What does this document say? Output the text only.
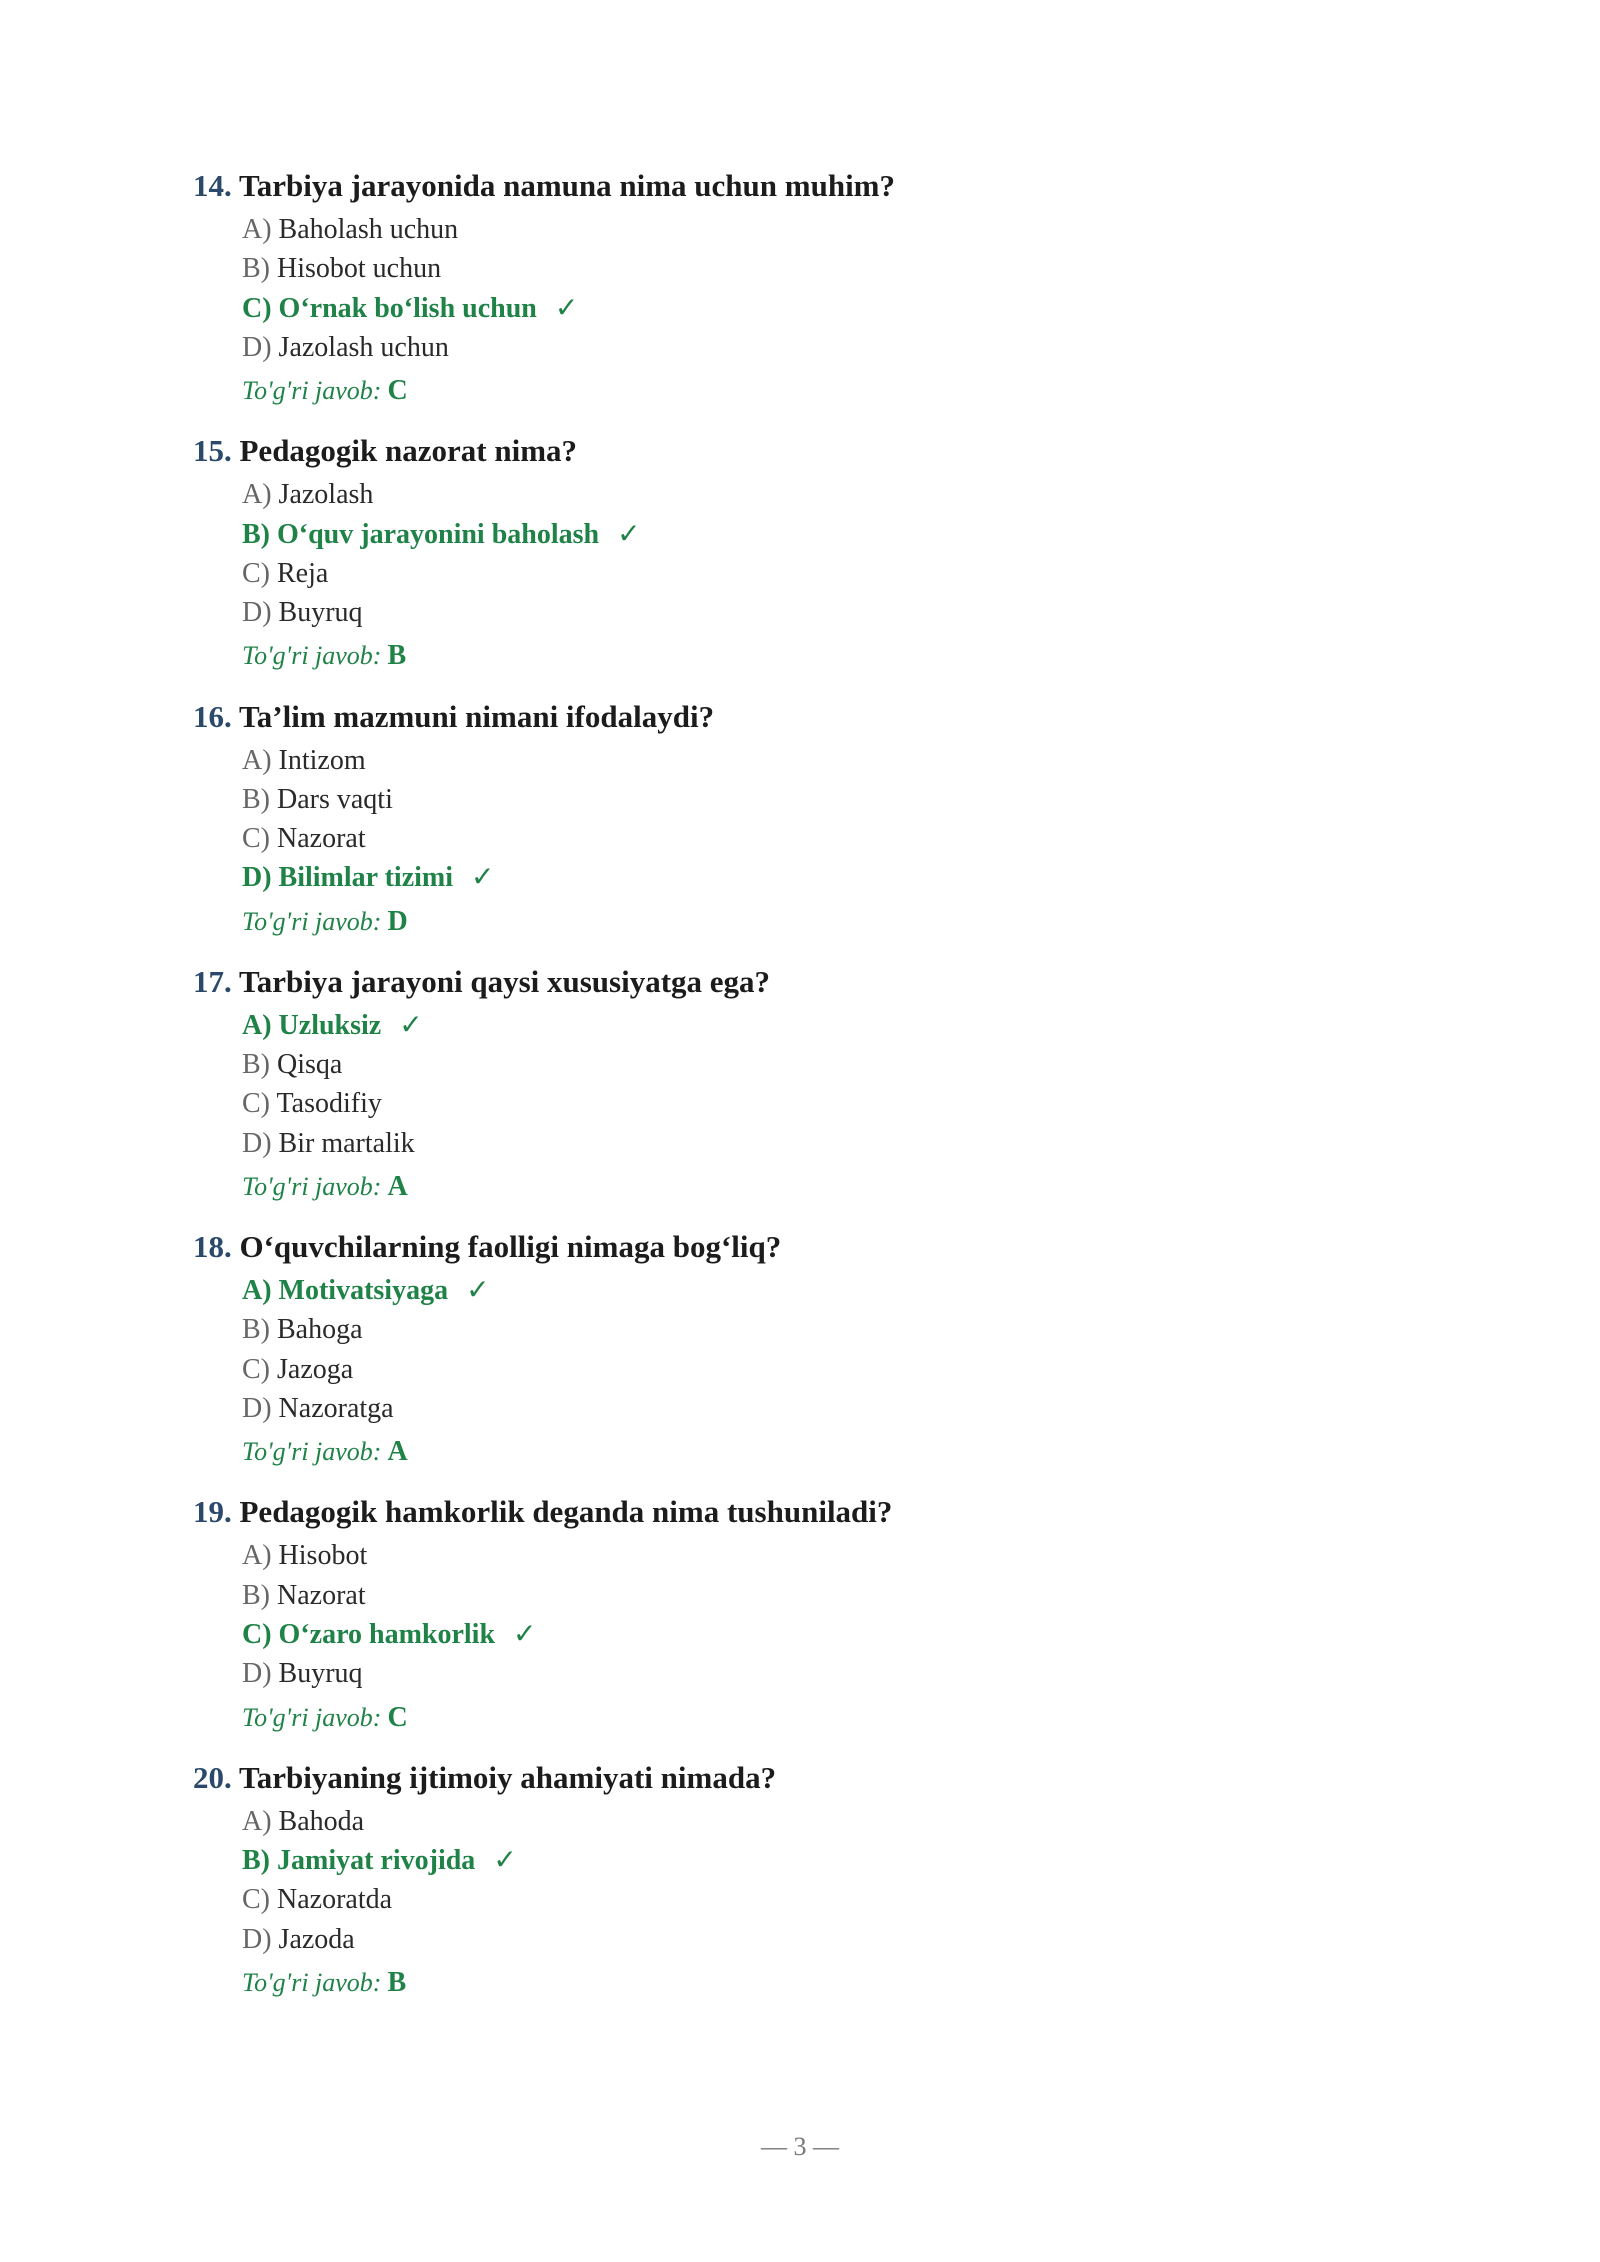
14. Tarbiya jarayonida namuna nima uchun muhim?
A) Baholash uchun
B) Hisobot uchun
C) O‘rnak bo‘lish uchun ✓
D) Jazolash uchun
To'g'ri javob: C
15. Pedagogik nazorat nima?
A) Jazolash
B) O‘quv jarayonini baholash ✓
C) Reja
D) Buyruq
To'g'ri javob: B
16. Ta’lim mazmuni nimani ifodalaydi?
A) Intizom
B) Dars vaqti
C) Nazorat
D) Bilimlar tizimi ✓
To'g'ri javob: D
17. Tarbiya jarayoni qaysi xususiyatga ega?
A) Uzluksiz ✓
B) Qisqa
C) Tasodifiy
D) Bir martalik
To'g'ri javob: A
18. O‘quvchilarning faolligi nimaga bog‘liq?
A) Motivatsiyaga ✓
B) Bahoga
C) Jazoga
D) Nazoratga
To'g'ri javob: A
19. Pedagogik hamkorlik deganda nima tushuniladi?
A) Hisobot
B) Nazorat
C) O‘zaro hamkorlik ✓
D) Buyruq
To'g'ri javob: C
20. Tarbiyaning ijtimoiy ahamiyati nimada?
A) Bahoda
B) Jamiyat rivojida ✓
C) Nazoratda
D) Jazoda
To'g'ri javob: B
— 3 —
